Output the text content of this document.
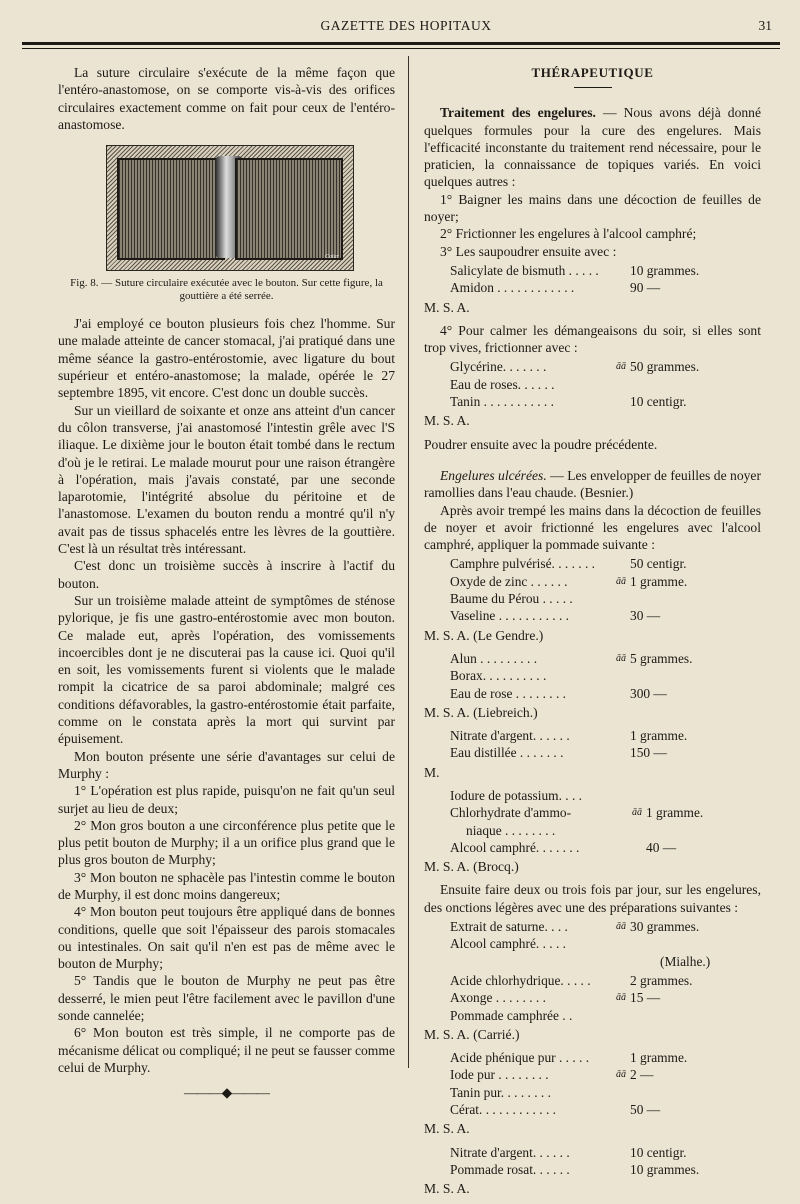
GAZETTE DES HOPITAUX	31

La suture circulaire s'exécute de la même façon que l'entéro-anastomose, on se comporte vis-à-vis des orifices circulaires exactement comme on fait pour ceux de l'entéro-anastomose.

Cotar

Fig. 8. — Suture circulaire exécutée avec le bouton. Sur cette figure, la gouttière a été serrée.

J'ai employé ce bouton plusieurs fois chez l'homme. Sur une malade atteinte de cancer stomacal, j'ai pratiqué dans une même séance la gastro-entérostomie, avec ligature du bout supérieur et entéro-anastomose; la malade, opérée le 27 septembre 1895, vit encore. C'est donc un double succès.

Sur un vieillard de soixante et onze ans atteint d'un cancer du côlon transverse, j'ai anastomosé l'intestin grêle avec l'S iliaque. Le dixième jour le bouton était tombé dans le rectum d'où je le retirai. Le malade mourut pour une raison étrangère à l'opération, mais j'avais constaté, par une seconde laparotomie, l'intégrité absolue du péritoine et de l'anastomose. L'examen du bouton rendu a montré qu'il n'y avait pas de tissus sphacelés entre les lèvres de la gouttière. C'est là un résultat très intéressant.

C'est donc un troisième succès à inscrire à l'actif du bouton.

Sur un troisième malade atteint de symptômes de sténose pylorique, je fis une gastro-entérostomie avec mon bouton. Ce malade eut, après l'opération, des vomissements incoercibles dont je ne discuterai pas la cause ici. Quoi qu'il en soit, les vomissements furent si violents que le malade rompit la cicatrice de sa paroi abdominale; malgré ces conditions défavorables, la gastro-entérostomie était parfaite, comme on le constata après la mort qui survint par épuisement.

Mon bouton présente une série d'avantages sur celui de Murphy :

1° L'opération est plus rapide, puisqu'on ne fait qu'un seul surjet au lieu de deux;

2° Mon gros bouton a une circonférence plus petite que le plus petit bouton de Murphy; il a un orifice plus grand que le plus gros bouton de Murphy;

3° Mon bouton ne sphacèle pas l'intestin comme le bouton de Murphy, il est donc moins dangereux;

4° Mon bouton peut toujours être appliqué dans de bonnes conditions, quelle que soit l'épaisseur des parois stomacales ou intestinales. On sait qu'il n'en est pas de même avec le bouton de Murphy;

5° Tandis que le bouton de Murphy ne peut pas être desserré, le mien peut l'être facilement avec le pavillon d'une sonde cannelée;

6° Mon bouton est très simple, il ne comporte pas de mécanisme délicat ou compliqué; il ne peut se fausser comme celui de Murphy.

———◆———
THÉRAPEUTIQUE

Traitement des engelures. — Nous avons déjà donné quelques formules pour la cure des engelures. Mais l'efficacité inconstante du traitement rend nécessaire, pour le praticien, la connaissance de topiques variés. En voici quelques autres :

1° Baigner les mains dans une décoction de feuilles de noyer;

2° Frictionner les engelures à l'alcool camphré;

3° Les saupoudrer ensuite avec :

Salicylate de bismuth . . . . .		10 grammes.
Amidon . . . . . . . . . . . .		90 —

M. S. A.

4° Pour calmer les démangeaisons du soir, si elles sont trop vives, frictionner avec :

Glycérine. . . . . . .	āā	50 grammes.
Eau de roses. . . . . .		
Tanin . . . . . . . . . . .		10 centigr.

M. S. A.

Poudrer ensuite avec la poudre précédente.

Engelures ulcérées. — Les envelopper de feuilles de noyer ramollies dans l'eau chaude. (Besnier.)

Après avoir trempé les mains dans la décoction de feuilles de noyer et avoir frictionné les engelures avec l'alcool camphré, appliquer la pommade suivante :

Camphre pulvérisé. . . . . . .		50 centigr.
Oxyde de zinc . . . . . .	āā	1 gramme.
Baume du Pérou . . . . .		
Vaseline . . . . . . . . . . .		30 —

M. S. A. (Le Gendre.)

Alun . . . . . . . . .	āā	5 grammes.
Borax. . . . . . . . . .		
Eau de rose . . . . . . . .		300 —

M. S. A. (Liebreich.)

Nitrate d'argent. . . . . .		1 gramme.
Eau distillée . . . . . . .		150 —

M.

Iodure de potassium. . . .		
Chlorhydrate d'ammo-	āā	1 gramme.
niaque . . . . . . . .		
Alcool camphré. . . . . . .		40 —

M. S. A. (Brocq.)

Ensuite faire deux ou trois fois par jour, sur les engelures, des onctions légères avec une des préparations suivantes :

Extrait de saturne. . . .	āā	30 grammes.
Alcool camphré. . . . .		
		(Mialhe.)
Acide chlorhydrique. . . . .		2 grammes.
Axonge . . . . . . . .	āā	15 —
Pommade camphrée . .		

M. S. A. (Carrié.)

Acide phénique pur . . . . .		1 gramme.
Iode pur . . . . . . . .	āā	2 —
Tanin pur. . . . . . . .		
Cérat. . . . . . . . . . . .		50 —

M. S. A.

Nitrate d'argent. . . . . .		10 centigr.
Pommade rosat. . . . . .		10 grammes.

M. S. A.
